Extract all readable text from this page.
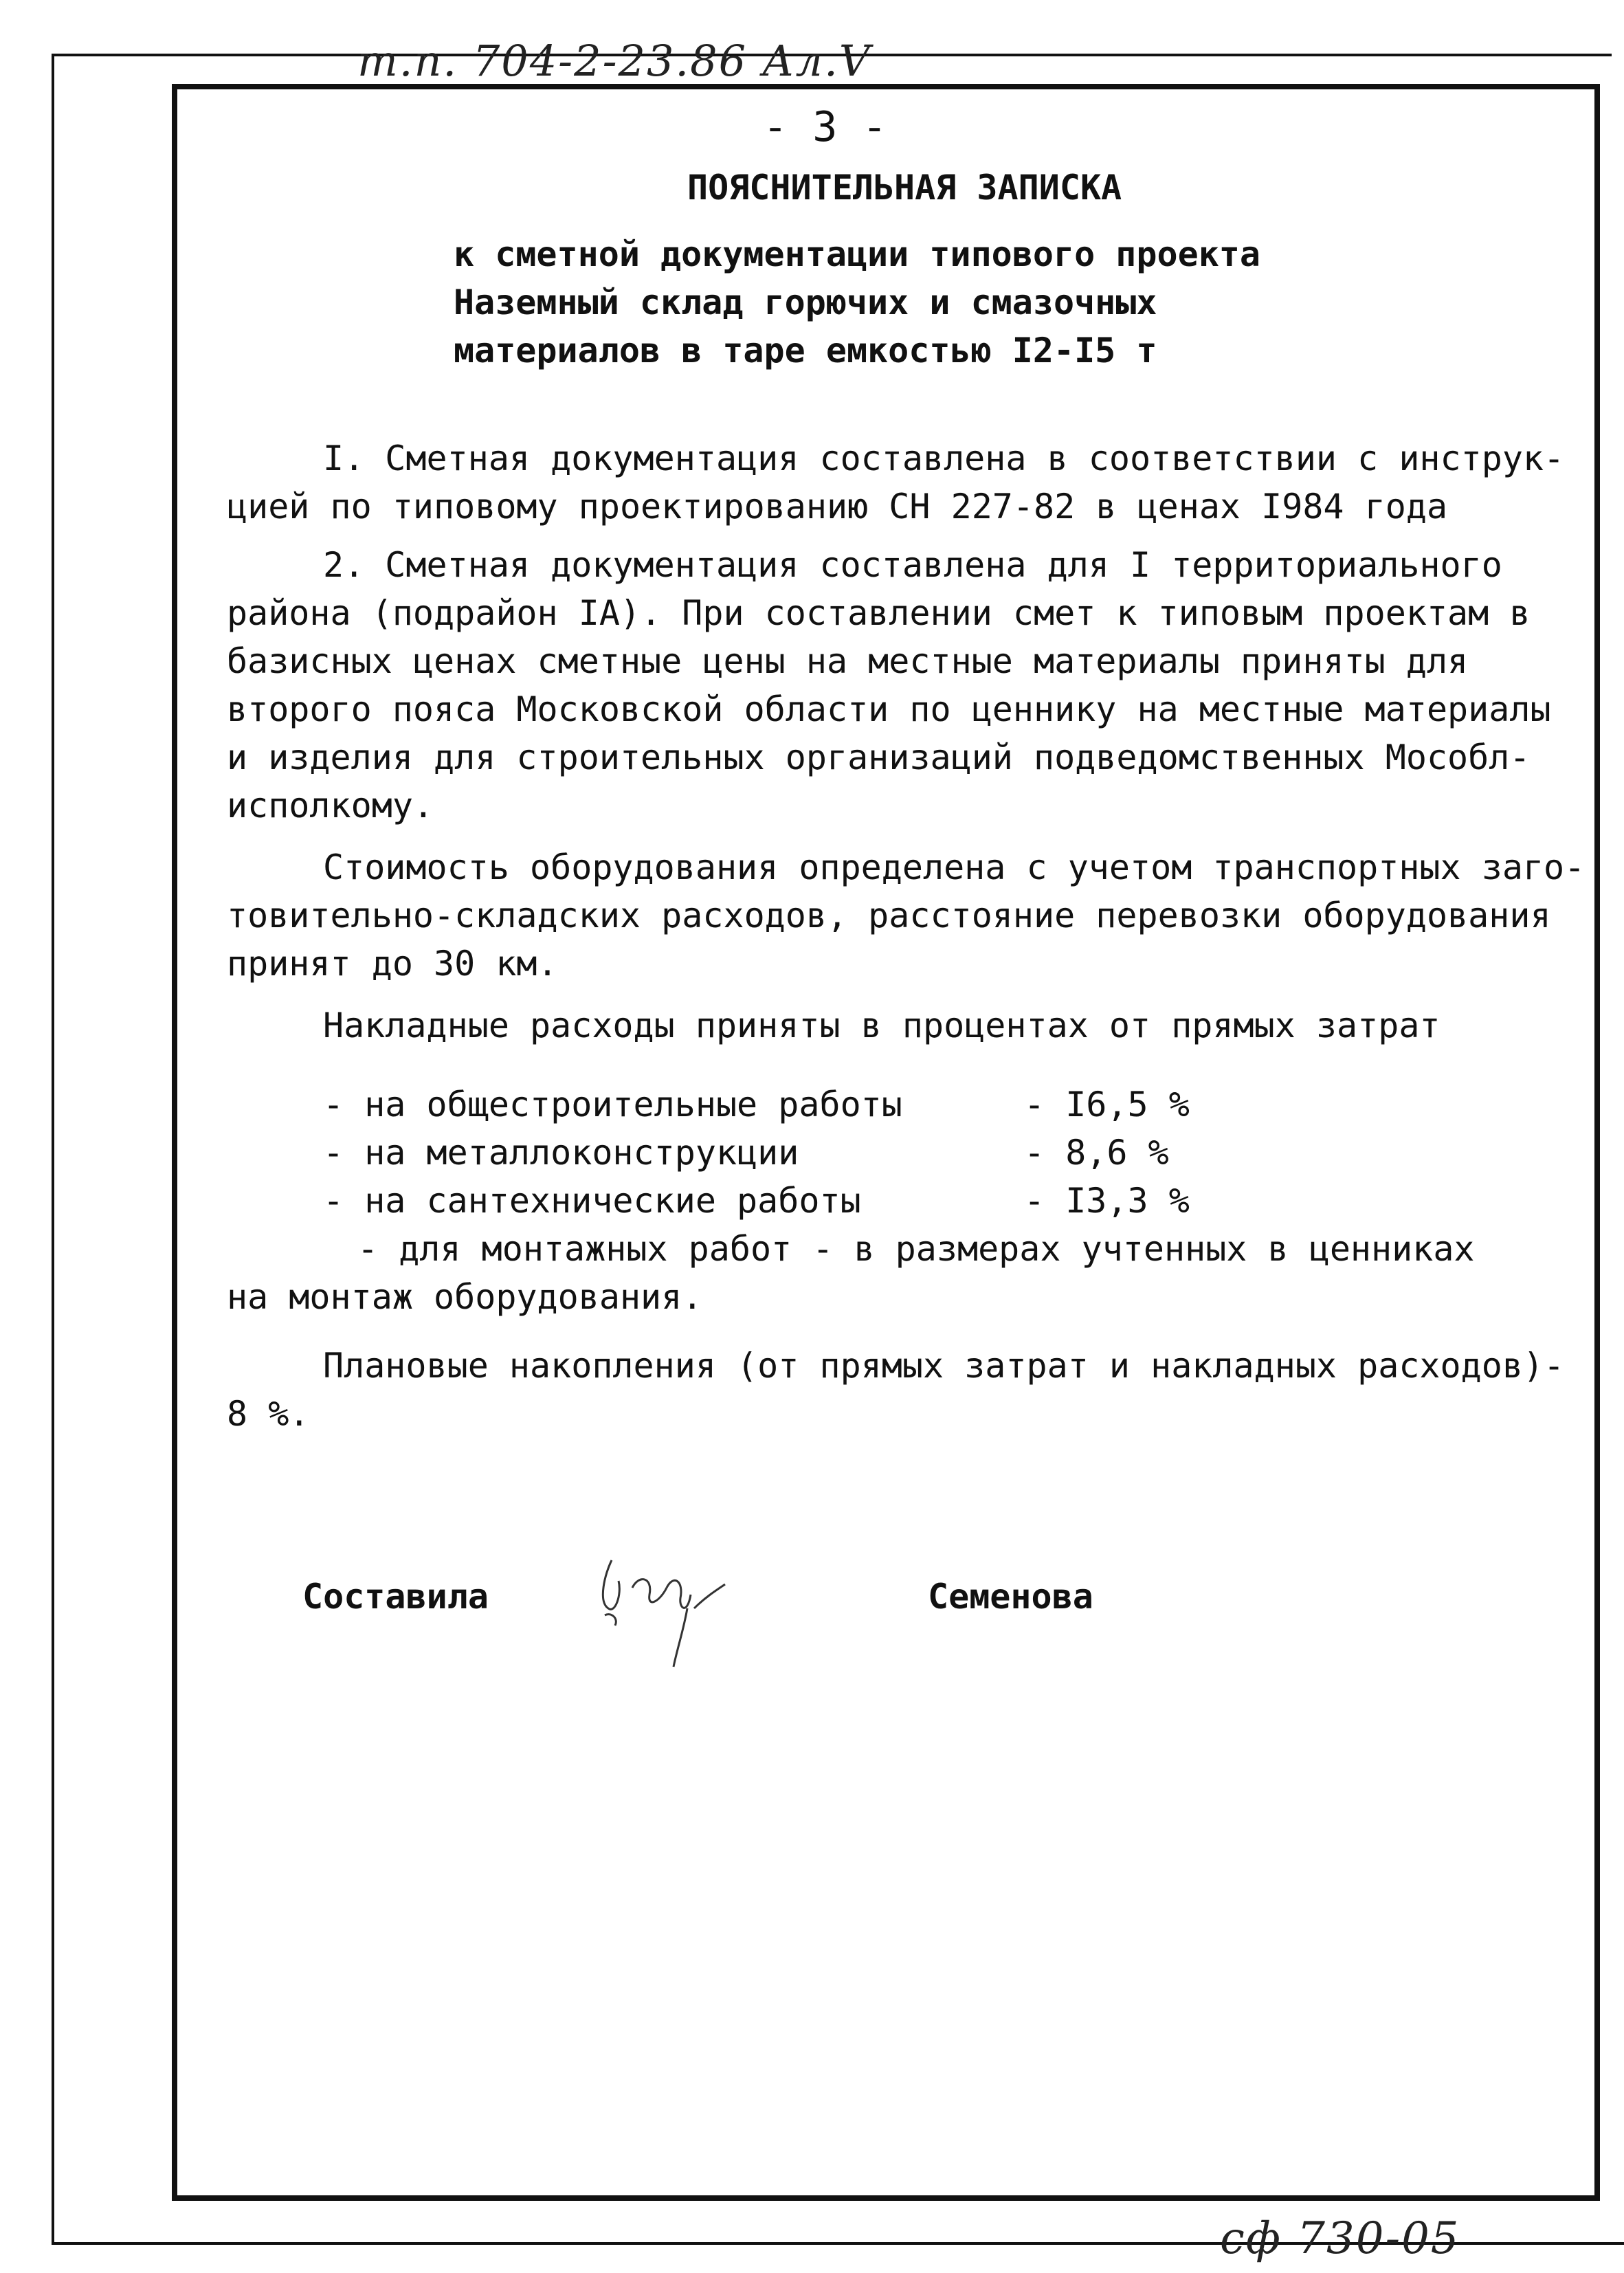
т.п. 704-2-23.86 Ал.V
сф 730-05
- 3 -
ПОЯСНИТЕЛЬНАЯ ЗАПИСКА
к сметной документации типового проекта
Наземный склад горючих и смазочных
материалов в таре емкостью I2-I5 т
I. Сметная документация составлена в соответствии с инструк-
цией по типовому проектированию СН 227-82 в ценах I984 года
2. Сметная документация составлена для I территориального
района (подрайон IA). При составлении смет к типовым проектам в
базисных ценах сметные цены на местные материалы приняты для
второго пояса Московской области по ценнику на местные материалы
и изделия для строительных организаций подведомственных Мособл-
исполкому.
Стоимость оборудования определена с учетом транспортных заго-
товительно-складских расходов, расстояние перевозки оборудования
принят до 30 км.
Накладные расходы приняты в процентах от прямых затрат
- на общестроительные работы	- I6,5 %
- на металлоконструкции	- 8,6 %
- на сантехнические работы	- I3,3 %
- для монтажных работ - в размерах учтенных в ценниках
на монтаж оборудования.
Плановые накопления (от прямых затрат и накладных расходов)-
8 %.
Составила	Семенова
